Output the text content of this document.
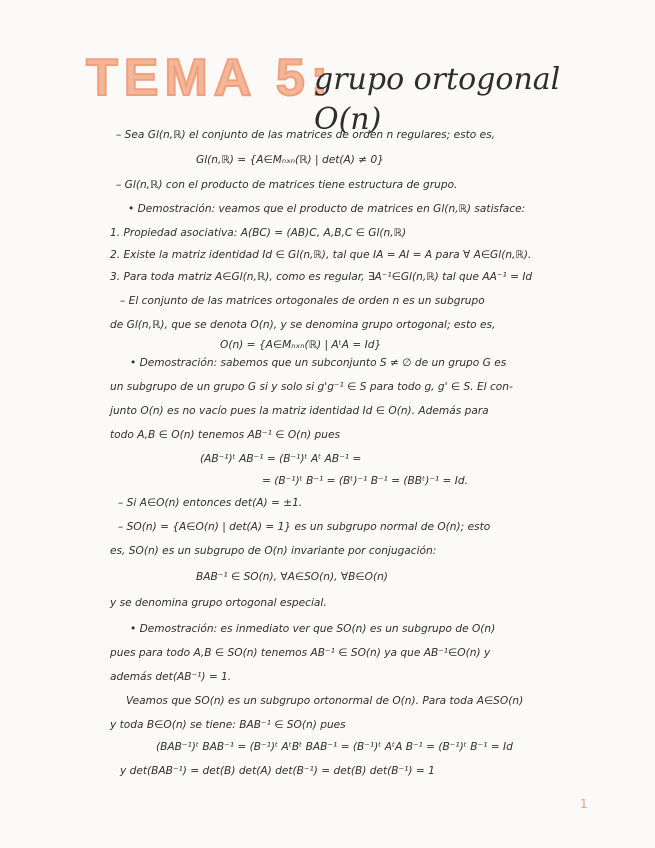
TEMA 5:
grupo ortogonal O(n)
– Sea Gl(n,ℝ) el conjunto de las matrices de orden n regulares; esto es,
Gl(n,ℝ) = {A∈Mₙₓₙ(ℝ) | det(A) ≠ 0}
– Gl(n,ℝ) con el producto de matrices tiene estructura de grupo.
• Demostración: veamos que el producto de matrices en Gl(n,ℝ) satisface:
1. Propiedad asociativa: A(BC) = (AB)C, A,B,C ∈ Gl(n,ℝ)
2. Existe la matriz identidad Id ∈ Gl(n,ℝ), tal que IA = AI = A para ∀ A∈Gl(n,ℝ).
3. Para toda matriz A∈Gl(n,ℝ), como es regular, ∃A⁻¹∈Gl(n,ℝ) tal que AA⁻¹ = Id
– El conjunto de las matrices ortogonales de orden n es un subgrupo
de Gl(n,ℝ), que se denota O(n), y se denomina grupo ortogonal; esto es,
O(n) = {A∈Mₙₓₙ(ℝ) | AᵗA = Id}
• Demostración: sabemos que un subconjunto S ≠ ∅ de un grupo G es
un subgrupo de un grupo G si y solo si g'g⁻¹ ∈ S para todo g, g' ∈ S. El con-
junto O(n) es no vacío pues la matriz identidad Id ∈ O(n). Además para
todo A,B ∈ O(n) tenemos AB⁻¹ ∈ O(n) pues
(AB⁻¹)ᵗ AB⁻¹ = (B⁻¹)ᵗ Aᵗ AB⁻¹ =
= (B⁻¹)ᵗ B⁻¹ = (Bᵗ)⁻¹ B⁻¹ = (BBᵗ)⁻¹ = Id.
– Si A∈O(n) entonces det(A) = ±1.
– SO(n) = {A∈O(n) | det(A) = 1} es un subgrupo normal de O(n); esto
es, SO(n) es un subgrupo de O(n) invariante por conjugación:
BAB⁻¹ ∈ SO(n), ∀A∈SO(n), ∀B∈O(n)
y se denomina grupo ortogonal especial.
• Demostración: es inmediato ver que SO(n) es un subgrupo de O(n)
pues para todo A,B ∈ SO(n) tenemos AB⁻¹ ∈ SO(n) ya que AB⁻¹∈O(n) y
además det(AB⁻¹) = 1.
Veamos que SO(n) es un subgrupo ortonormal de O(n). Para toda A∈SO(n)
y toda B∈O(n) se tiene: BAB⁻¹ ∈ SO(n) pues
(BAB⁻¹)ᵗ BAB⁻¹ = (B⁻¹)ᵗ AᵗBᵗ BAB⁻¹ = (B⁻¹)ᵗ AᵗA B⁻¹ = (B⁻¹)ᵗ B⁻¹ = Id
y det(BAB⁻¹) = det(B) det(A) det(B⁻¹) = det(B) det(B⁻¹) = 1
1
